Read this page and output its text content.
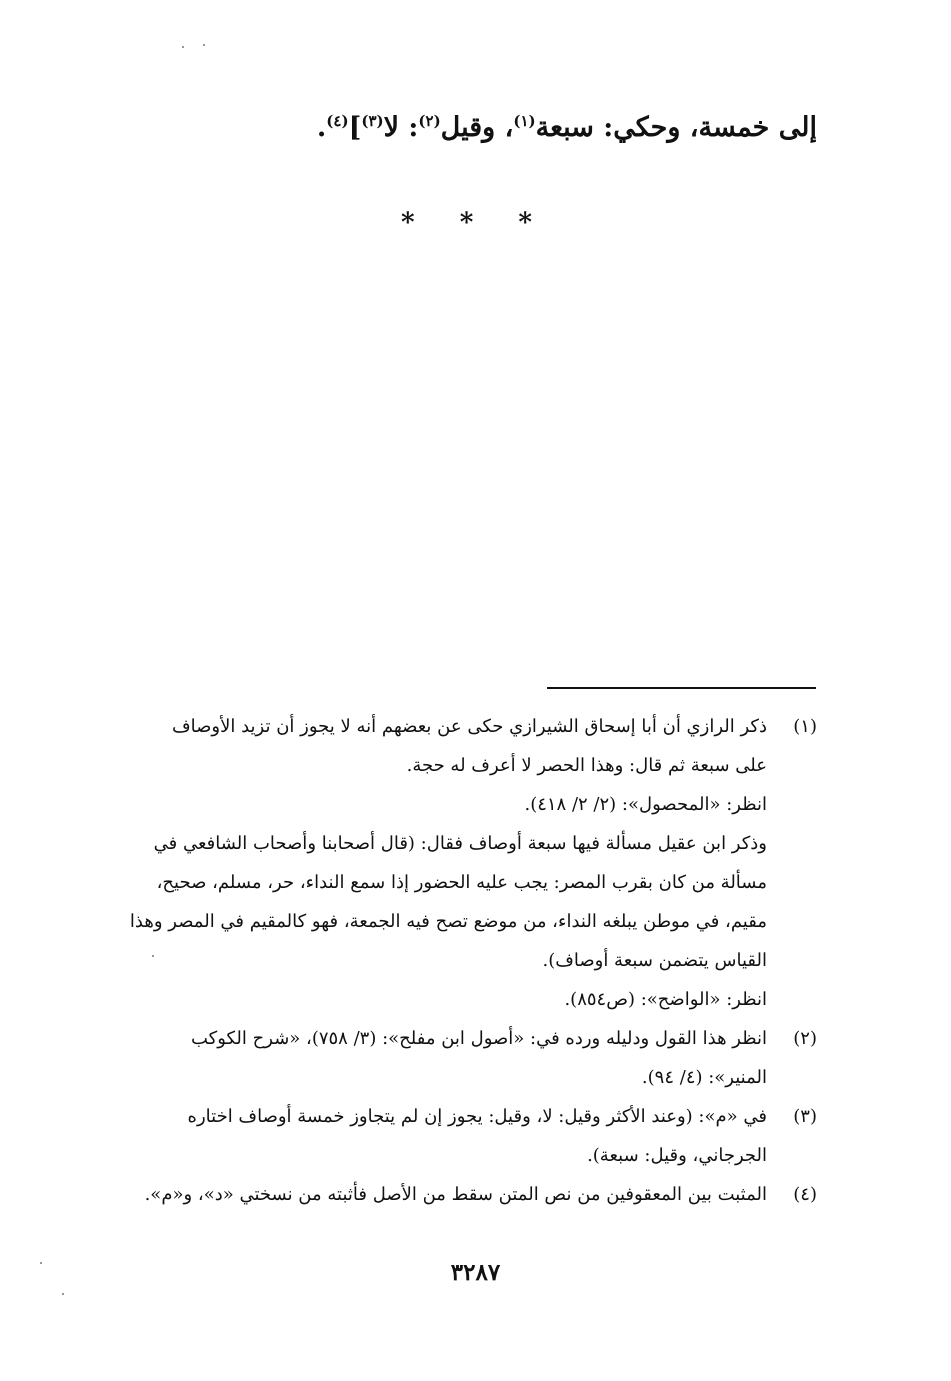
إلى خمسة، وحكي: سبعة$^{(١)}$، وقيل$^{(٢)}$: لا$^{(٣)}$]$^{(٤)}$.
* * *
(١)
ذكر الرازي أن أبا إسحاق الشيرازي حكى عن بعضهم أنه لا يجوز أن تزيد الأوصاف
على سبعة ثم قال: وهذا الحصر لا أعرف له حجة.
انظر: «المحصول»: (٢/ ٢/ ٤١٨).
وذكر ابن عقيل مسألة فيها سبعة أوصاف فقال: (قال أصحابنا وأصحاب الشافعي في
مسألة من كان بقرب المصر: يجب عليه الحضور إذا سمع النداء، حر، مسلم، صحيح،
مقيم، في موطن يبلغه النداء، من موضع تصح فيه الجمعة، فهو كالمقيم في المصر وهذا
القياس يتضمن سبعة أوصاف).
انظر: «الواضح»: (ص٨٥٤).
(٢)
انظر هذا القول ودليله ورده في: «أصول ابن مفلح»: (٣/ ٧٥٨)، «شرح الكوكب
المنير»: (٤/ ٩٤).
(٣)
في «م»: (وعند الأكثر وقيل: لا، وقيل: يجوز إن لم يتجاوز خمسة أوصاف اختاره
الجرجاني، وقيل: سبعة).
(٤)
المثبت بين المعقوفين من نص المتن سقط من الأصل فأثبته من نسختي «د»، و«م».
٣٢٨٧
